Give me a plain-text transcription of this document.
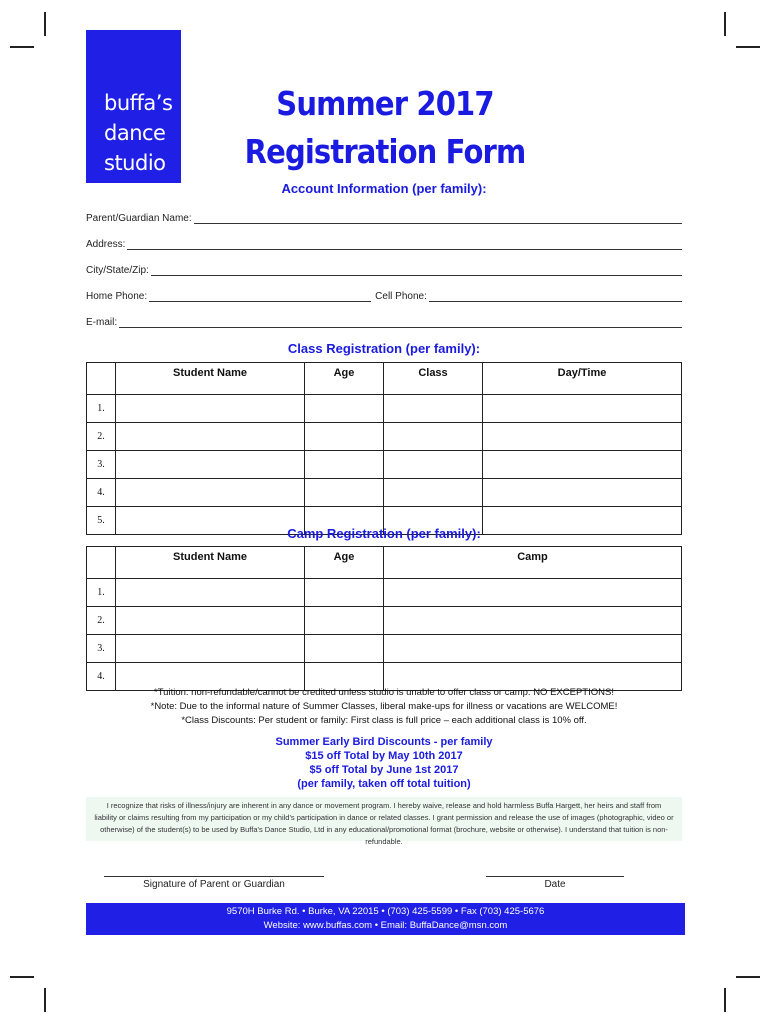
buffa’s
dance
studio
Summer 2017
Registration Form
Account Information (per family):
Parent/Guardian Name:
Address:
City/State/Zip:
Home Phone:	Cell Phone:
E-mail:
Class Registration (per family):
	Student Name	Age	Class	Day/Time
1.				
2.				
3.				
4.				
5.				
Camp Registration (per family):
	Student Name	Age	Camp
1.			
2.			
3.			
4.			
*Tuition: non-refundable/cannot be credited unless studio is unable to offer class or camp. NO EXCEPTIONS!
*Note: Due to the informal nature of Summer Classes, liberal make-ups for illness or vacations are WELCOME!
*Class Discounts: Per student or family: First class is full price – each additional class is 10% off.
Summer Early Bird Discounts - per family
$15 off Total by May 10th 2017
$5 off Total by June 1st 2017
(per family, taken off total tuition)
I recognize that risks of illness/injury are inherent in any dance or movement program. I hereby waive, release and hold harmless Buffa Hargett, her heirs and staff from
liability or claims resulting from my participation or my child's participation in dance or related classes. I grant permission and release the use of images (photographic, video or
otherwise) of the student(s) to be used by Buffa's Dance Studio, Ltd in any educational/promotional format (brochure, website or otherwise). I understand that tuition is non-refundable.
Signature of Parent or Guardian	Date
9570H Burke Rd. • Burke, VA 22015 • (703) 425-5599 • Fax (703) 425-5676
Website: www.buffas.com • Email: BuffaDance@msn.com
